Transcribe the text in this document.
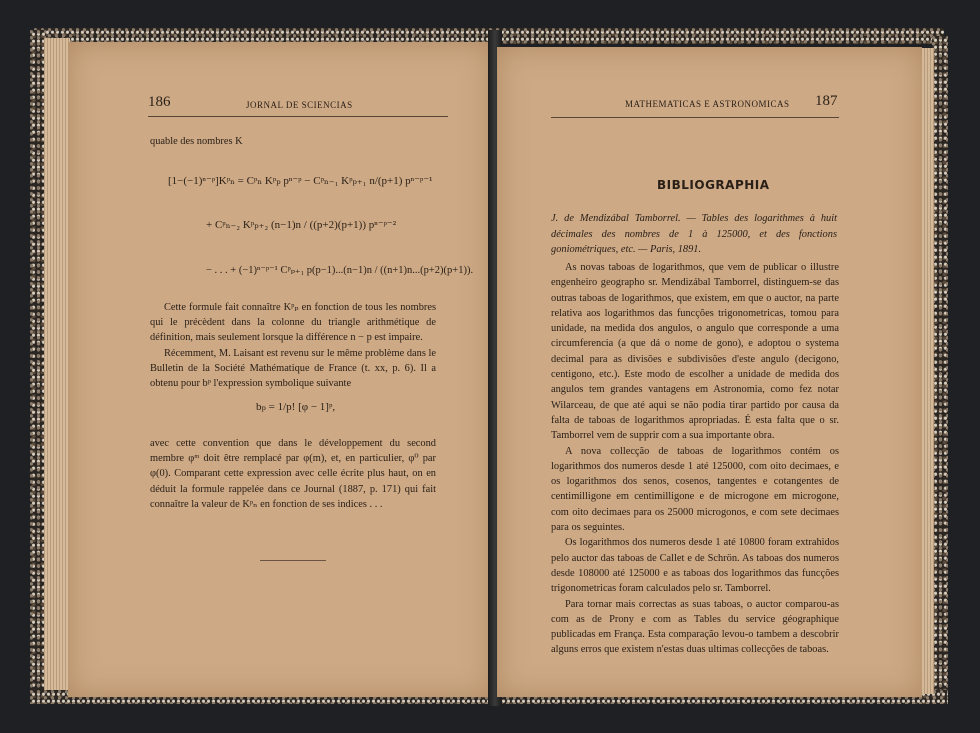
186	JORNAL DE SCIENCIAS
quable des nombres K
[1−(−1)ⁿ⁻ᵖ]Kᵖₙ = Cᵖₙ Kᵖₚ pⁿ⁻ᵖ − Cᵖₙ₋₁ Kᵖₚ₊₁ n/(p+1) pⁿ⁻ᵖ⁻¹
+ Cᵖₙ₋₂ Kᵖₚ₊₂ (n−1)n / ((p+2)(p+1)) pⁿ⁻ᵖ⁻²
− . . . + (−1)ⁿ⁻ᵖ⁻¹ Cᵖₚ₊₁ p(p−1)...(n−1)n / ((n+1)n...(p+2)(p+1)).

Cette formule fait connaître Kᵖₚ en fonction de tous les nombres qui le précèdent dans la colonne du triangle arithmétique de définition, mais seulement lorsque la différence n − p est impaire.

Récemment, M. Laisant est revenu sur le même problème dans le Bulletin de la Société Mathématique de France (t. xx, p. 6). Il a obtenu pour bᵖ l'expression symbolique suivante

bₚ = 1/p! [φ − 1]ᵖ,

avec cette convention que dans le développement du second membre φᵐ doit être remplacé par φ(m), et, en particulier, φ⁰ par φ(0). Comparant cette expression avec celle écrite plus haut, on en déduit la formule rappelée dans ce Journal (1887, p. 171) qui fait connaître la valeur de Kᵖₙ en fonction de ses indices . . .

MATHEMATICAS E ASTRONOMICAS 187
BIBLIOGRAPHIA
J. de Mendizábal Tamborrel. — Tables des logarithmes à huit décimales des nombres de 1 à 125000, et des fonctions goniométriques, etc. — Paris, 1891.

As novas taboas de logarithmos, que vem de publicar o illustre engenheiro geographo sr. Mendizábal Tamborrel, distinguem-se das outras taboas de logarithmos, que existem, em que o auctor, na parte relativa aos logarithmos das funcções trigonometricas, tomou para unidade, na medida dos angulos, o angulo que corresponde a uma circumferencia (a que dá o nome de gono), e adoptou o systema decimal para as divisões e subdivisões d'este angulo (decigono, centigono, etc.). Este modo de escolher a unidade de medida dos angulos tem grandes vantagens em Astronomia, como fez notar Wilarceau, de que até aqui se não podia tirar partido por causa da falta de taboas de logarithmos apropriadas. É esta falta que o sr. Tamborrel vem de supprir com a sua importante obra.

A nova collecção de taboas de logarithmos contém os logarithmos dos numeros desde 1 até 125000, com oito decimaes, e os logarithmos dos senos, cosenos, tangentes e cotangentes de centimilligone em centimilligone e de microgone em microgone, com oito decimaes para os 25000 microgonos, e com sete decimaes para os seguintes.

Os logarithmos dos numeros desde 1 até 10800 foram extrahidos pelo auctor das taboas de Callet e de Schrön. As taboas dos numeros desde 108000 até 125000 e as taboas dos logarithmos das funcções trigonometricas foram calculados pelo sr. Tamborrel.

Para tornar mais correctas as suas taboas, o auctor comparou-as com as de Prony e com as Tables du service géographique publicadas em França. Esta comparação levou-o tambem a descobrir alguns erros que existem n'estas duas ultimas collecções de taboas.
